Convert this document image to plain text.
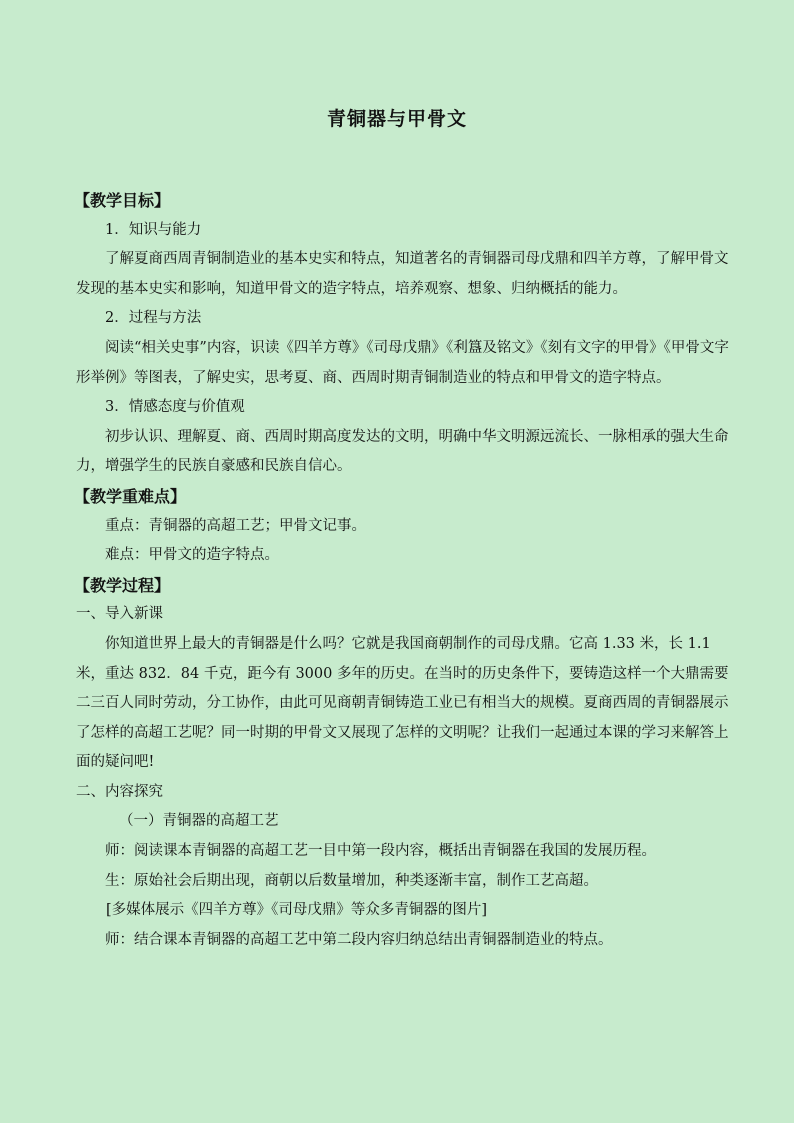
青铜器与甲骨文
【教学目标】

1．知识与能力

了解夏商西周青铜制造业的基本史实和特点，知道著名的青铜器司母戊鼎和四羊方尊，了解甲骨文发现的基本史实和影响，知道甲骨文的造字特点，培养观察、想象、归纳概括的能力。

2．过程与方法

阅读“相关史事”内容，识读《四羊方尊》《司母戊鼎》《利簋及铭文》《刻有文字的甲骨》《甲骨文字形举例》等图表，了解史实，思考夏、商、西周时期青铜制造业的特点和甲骨文的造字特点。

3．情感态度与价值观

初步认识、理解夏、商、西周时期高度发达的文明，明确中华文明源远流长、一脉相承的强大生命力，增强学生的民族自豪感和民族自信心。

【教学重难点】

重点：青铜器的高超工艺；甲骨文记事。

难点：甲骨文的造字特点。

【教学过程】

一、导入新课

你知道世界上最大的青铜器是什么吗？它就是我国商朝制作的司母戊鼎。它高 1.33 米，长 1.1 米，重达 832．84 千克，距今有 3000 多年的历史。在当时的历史条件下，要铸造这样一个大鼎需要二三百人同时劳动，分工协作，由此可见商朝青铜铸造工业已有相当大的规模。夏商西周的青铜器展示了怎样的高超工艺呢？同一时期的甲骨文又展现了怎样的文明呢？让我们一起通过本课的学习来解答上面的疑问吧!

二、内容探究

（一）青铜器的高超工艺

师：阅读课本青铜器的高超工艺一目中第一段内容，概括出青铜器在我国的发展历程。

生：原始社会后期出现，商朝以后数量增加，种类逐渐丰富，制作工艺高超。

[多媒体展示《四羊方尊》《司母戊鼎》等众多青铜器的图片]

师：结合课本青铜器的高超工艺中第二段内容归纳总结出青铜器制造业的特点。
